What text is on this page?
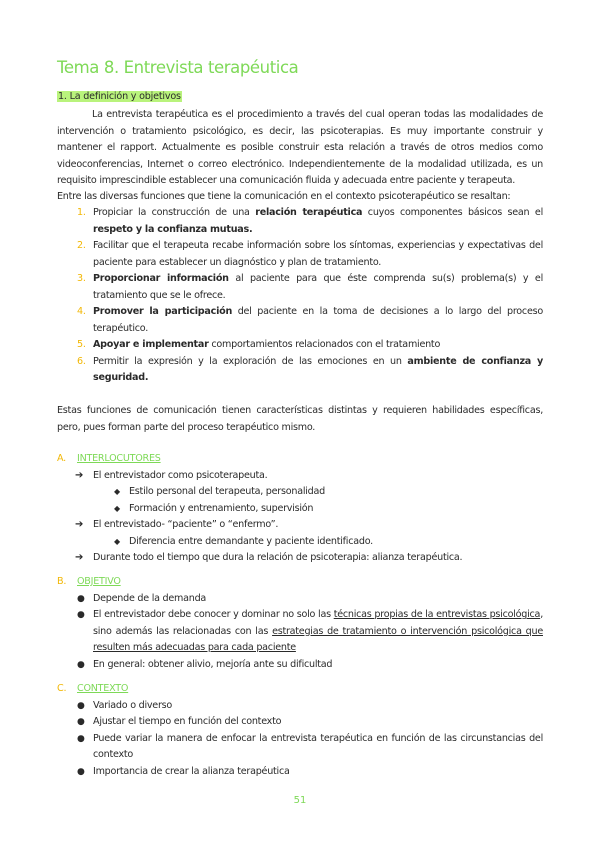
Tema 8. Entrevista terapéutica
1. La definición y objetivos
La entrevista terapéutica es el procedimiento a través del cual operan todas las modalidades de intervención o tratamiento psicológico, es decir, las psicoterapias. Es muy importante construir y mantener el rapport. Actualmente es posible construir esta relación a través de otros medios como videoconferencias, Internet o correo electrónico. Independientemente de la modalidad utilizada, es un requisito imprescindible establecer una comunicación fluida y adecuada entre paciente y terapeuta.
Entre las diversas funciones que tiene la comunicación en el contexto psicoterapéutico se resaltan:
1. Propiciar la construcción de una relación terapéutica cuyos componentes básicos sean el respeto y la confianza mutuas.
2. Facilitar que el terapeuta recabe información sobre los síntomas, experiencias y expectativas del paciente para establecer un diagnóstico y plan de tratamiento.
3. Proporcionar información al paciente para que éste comprenda su(s) problema(s) y el tratamiento que se le ofrece.
4. Promover la participación del paciente en la toma de decisiones a lo largo del proceso terapéutico.
5. Apoyar e implementar comportamientos relacionados con el tratamiento
6. Permitir la expresión y la exploración de las emociones en un ambiente de confianza y seguridad.
Estas funciones de comunicación tienen características distintas y requieren habilidades específicas, pero, pues forman parte del proceso terapéutico mismo.
A. INTERLOCUTORES
➔ El entrevistador como psicoterapeuta.
◆ Estilo personal del terapeuta, personalidad
◆ Formación y entrenamiento, supervisión
➔ El entrevistado- “paciente” o “enfermo”.
◆ Diferencia entre demandante y paciente identificado.
➔ Durante todo el tiempo que dura la relación de psicoterapia: alianza terapéutica.
B. OBJETIVO
● Depende de la demanda
● El entrevistador debe conocer y dominar no solo las técnicas propias de la entrevistas psicológica, sino además las relacionadas con las estrategias de tratamiento o intervención psicológica que resulten más adecuadas para cada paciente
● En general: obtener alivio, mejoría ante su dificultad
C. CONTEXTO
● Variado o diverso
● Ajustar el tiempo en función del contexto
● Puede variar la manera de enfocar la entrevista terapéutica en función de las circunstancias del contexto
● Importancia de crear la alianza terapéutica
51
